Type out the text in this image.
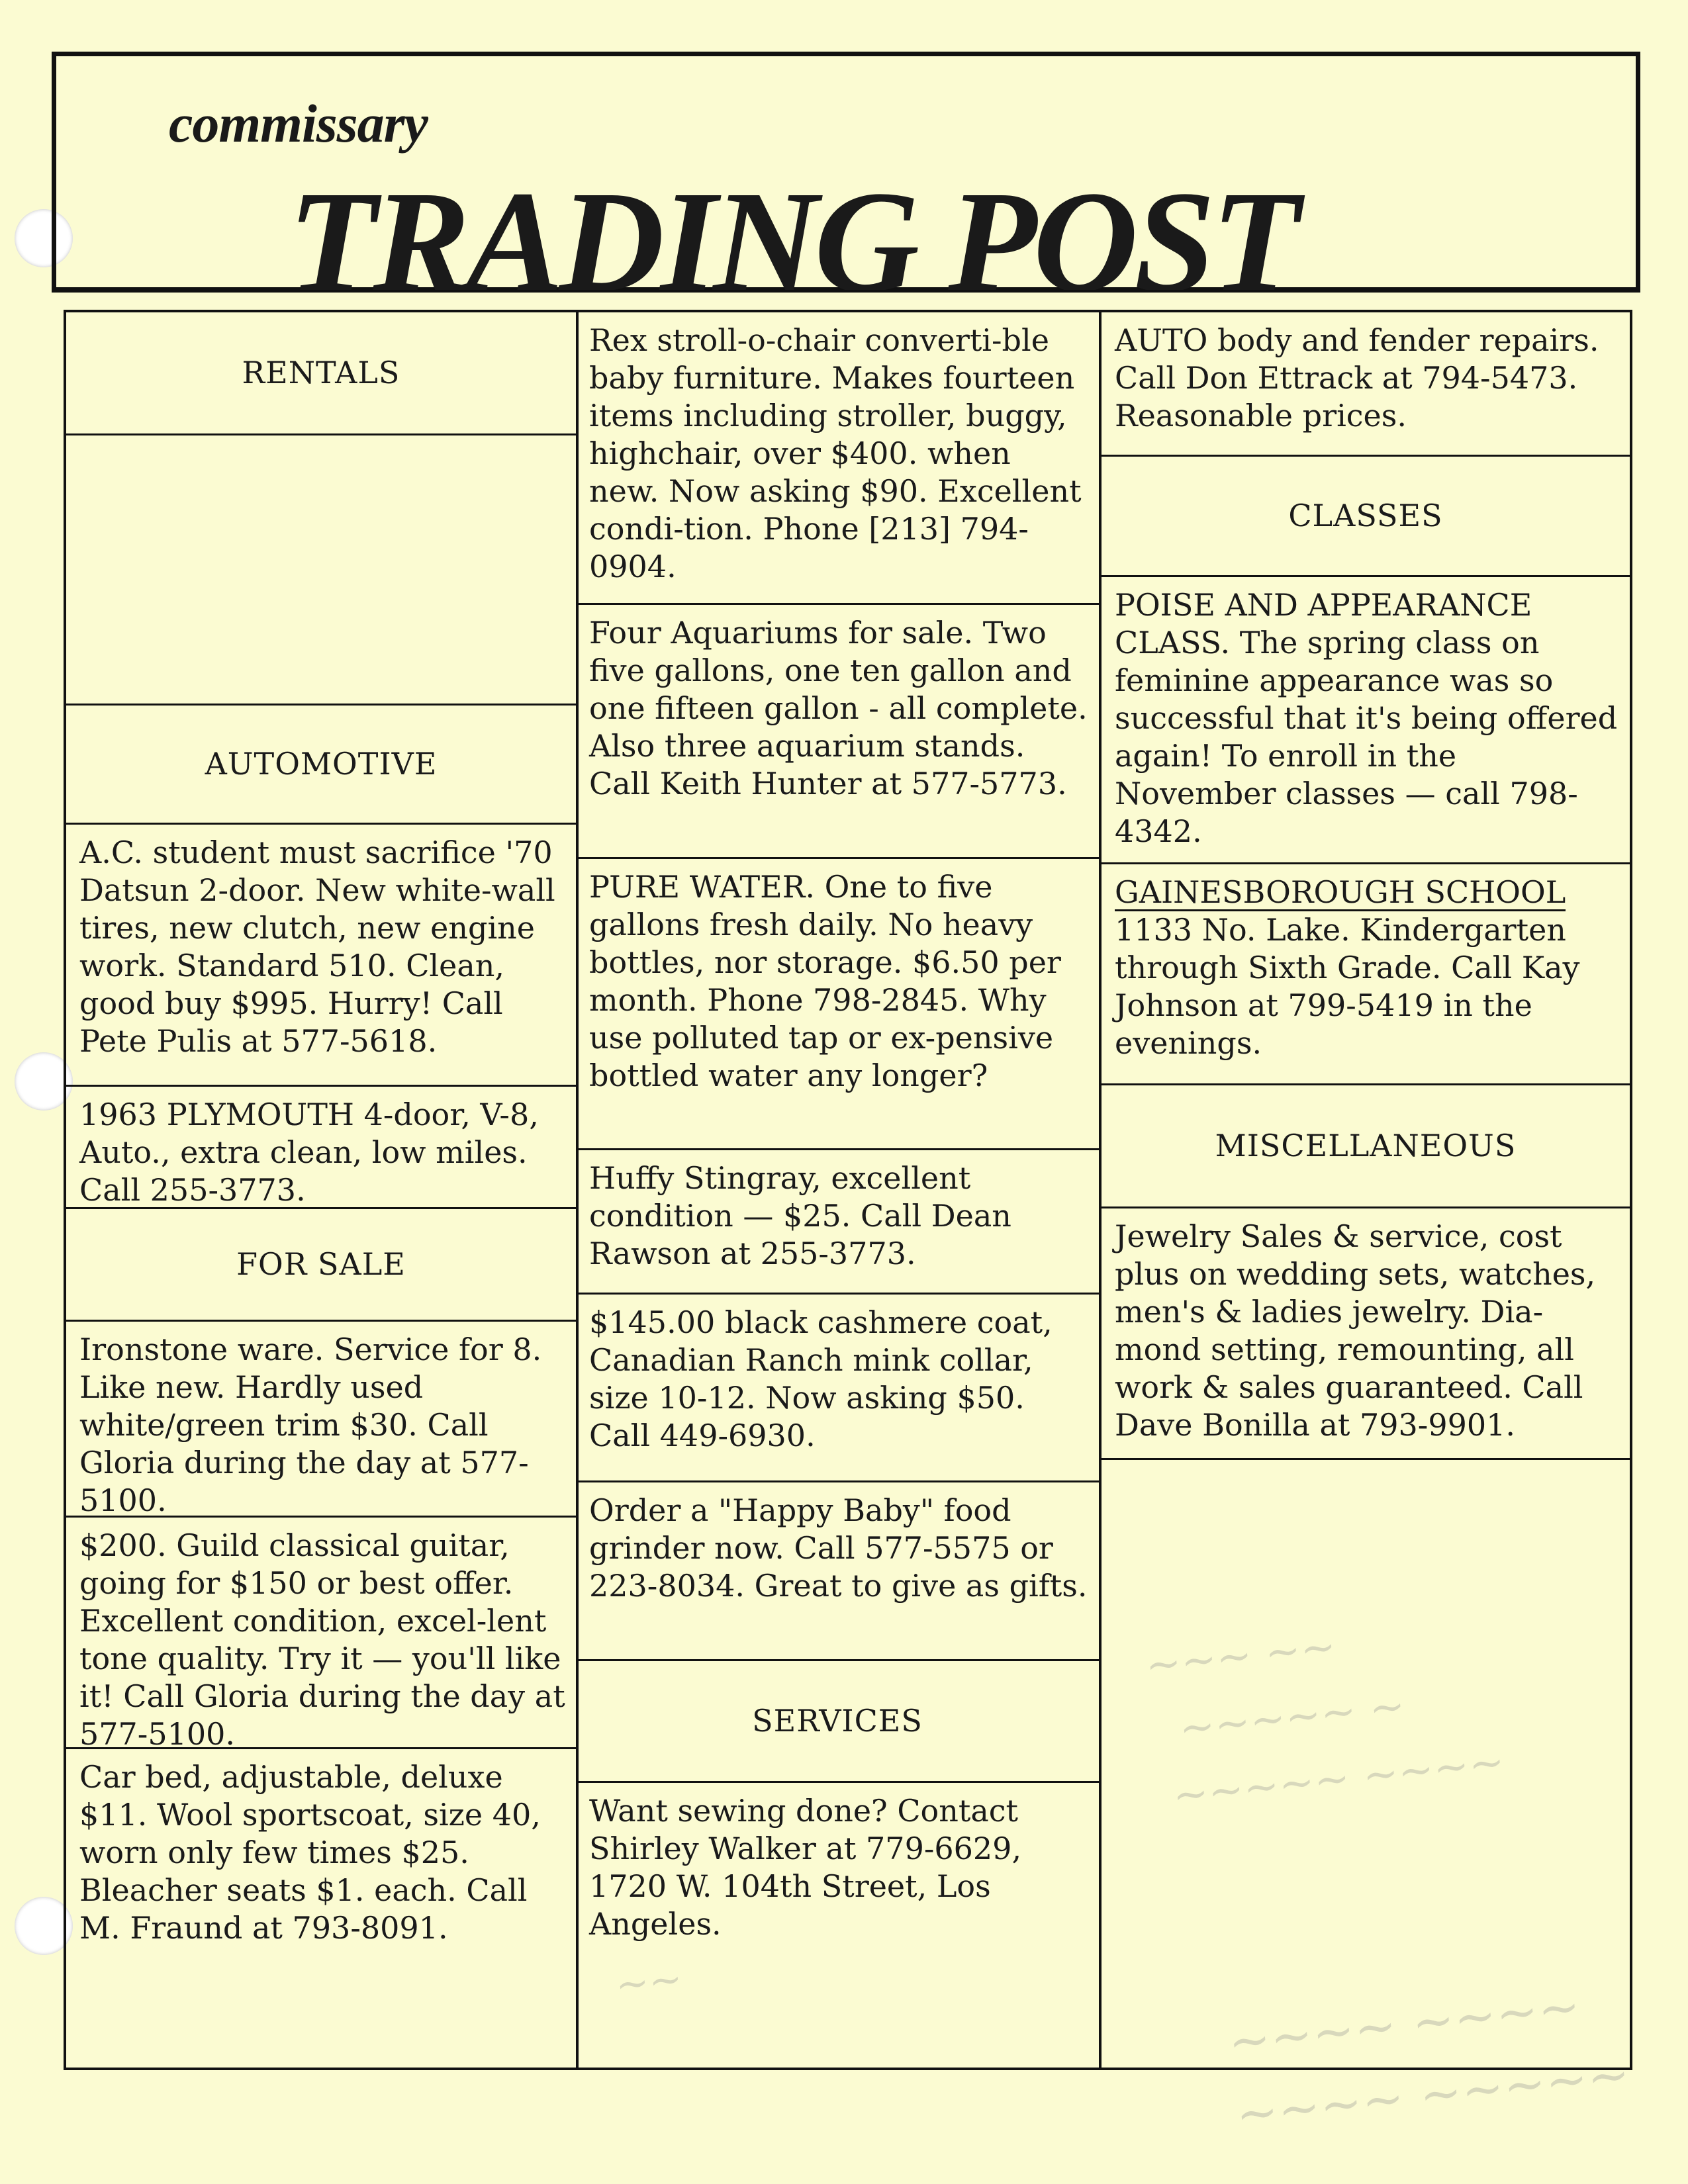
commissary
TRADING POST
RENTALS
AUTOMOTIVE
A.C. student must sacrifice '70 Datsun 2-door. New white-wall tires, new clutch, new engine work. Standard 510. Clean, good buy $995. Hurry! Call Pete Pulis at 577-5618.
1963 PLYMOUTH 4-door, V-8, Auto., extra clean, low miles. Call 255-3773.
FOR SALE
Ironstone ware. Service for 8. Like new. Hardly used white/green trim $30. Call Gloria during the day at 577-5100.
$200. Guild classical guitar, going for $150 or best offer. Excellent condition, excel-lent tone quality. Try it — you'll like it! Call Gloria during the day at 577-5100.
Car bed, adjustable, deluxe $11. Wool sportscoat, size 40, worn only few times $25. Bleacher seats $1. each. Call M. Fraund at 793-8091.
Rex stroll-o-chair converti-ble baby furniture. Makes fourteen items including stroller, buggy, highchair, over $400. when new. Now asking $90. Excellent condi-tion. Phone [213] 794-0904.
Four Aquariums for sale. Two five gallons, one ten gallon and one fifteen gallon - all complete. Also three aquarium stands. Call Keith Hunter at 577-5773.
PURE WATER. One to five gallons fresh daily. No heavy bottles, nor storage. $6.50 per month. Phone 798-2845. Why use polluted tap or ex-pensive bottled water any longer?
Huffy Stingray, excellent condition — $25. Call Dean Rawson at 255-3773.
$145.00 black cashmere coat, Canadian Ranch mink collar, size 10-12. Now asking $50. Call 449-6930.
Order a "Happy Baby" food grinder now. Call 577-5575 or 223-8034. Great to give as gifts.
SERVICES
Want sewing done? Contact Shirley Walker at 779-6629, 1720 W. 104th Street, Los Angeles.
AUTO body and fender repairs. Call Don Ettrack at 794-5473. Reasonable prices.
CLASSES
POISE AND APPEARANCE CLASS. The spring class on feminine appearance was so successful that it's being offered again! To enroll in the November classes — call 798-4342.
GAINESBOROUGH SCHOOL
1133 No. Lake. Kindergarten through Sixth Grade. Call Kay Johnson at 799-5419 in the evenings.
MISCELLANEOUS
Jewelry Sales & service, cost plus on wedding sets, watches, men's & ladies jewelry. Dia-mond setting, remounting, all work & sales guaranteed. Call Dave Bonilla at 793-9901.
~~~ ~~
~~~~~ ~
~~~~~ ~~~~
~~	~~~~ ~~~~
~~~~ ~~~~~
